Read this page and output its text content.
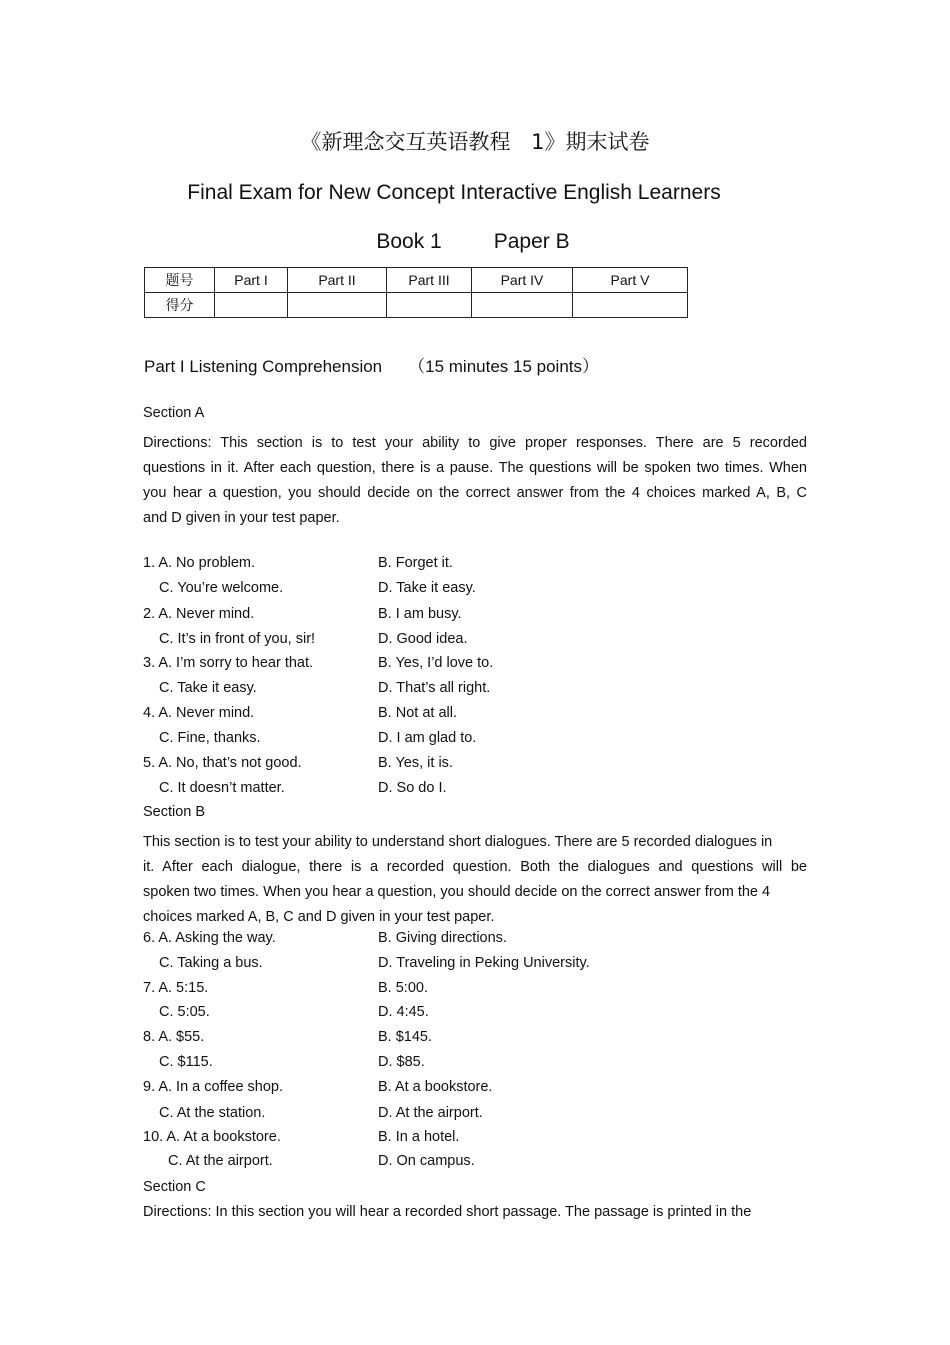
《新理念交互英语教程 1》期末试卷
Final Exam for New Concept Interactive English Learners
Book 1 Paper B
题号	Part I	Part II	Part III	Part IV	Part V
得分					
Part I Listening Comprehension （15 minutes 15 points）
Section A
Directions: This section is to test your ability to give proper responses. There are 5 recorded
questions in it. After each question, there is a pause. The questions will be spoken two times. When
you hear a question, you should decide on the correct answer from the 4 choices marked A, B, C
and D given in your test paper.
1. A. No problem.	B. Forget it.
C. You’re welcome.	D. Take it easy.
2. A. Never mind.	B. I am busy.
C. It’s in front of you, sir!	D. Good idea.
3. A. I’m sorry to hear that.	B. Yes, I’d love to.
C. Take it easy.	D. That’s all right.
4. A. Never mind.	B. Not at all.
C. Fine, thanks.	D. I am glad to.
5. A. No, that’s not good.	B. Yes, it is.
C. It doesn’t matter.	D. So do I.
Section B
This section is to test your ability to understand short dialogues. There are 5 recorded dialogues in
it. After each dialogue, there is a recorded question. Both the dialogues and questions will be
spoken two times. When you hear a question, you should decide on the correct answer from the 4
choices marked A, B, C and D given in your test paper.
6. A. Asking the way.	B. Giving directions.
C. Taking a bus.	D. Traveling in Peking University.
7. A. 5:15.	B. 5:00.
C. 5:05.	D. 4:45.
8. A. $55.	B. $145.
C. $115.	D. $85.
9. A. In a coffee shop.	B. At a bookstore.
C. At the station.	D. At the airport.
10. A. At a bookstore.	B. In a hotel.
C. At the airport.	D. On campus.
Section C
Directions: In this section you will hear a recorded short passage. The passage is printed in the
